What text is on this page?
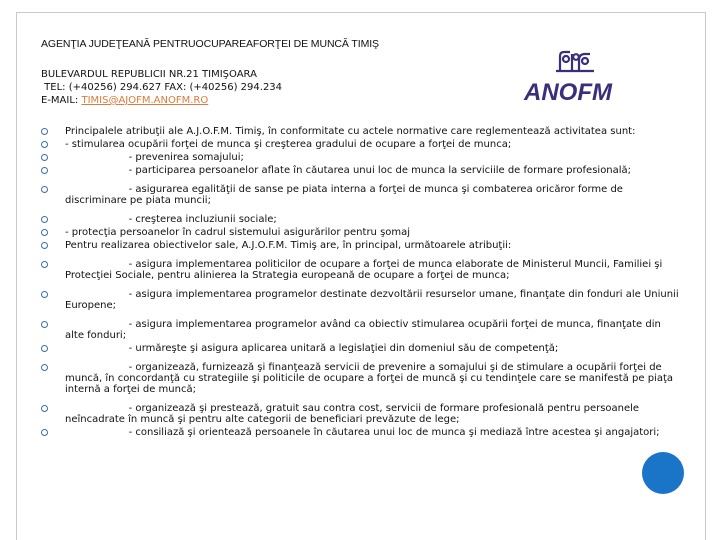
AGENŢIA JUDEŢEANĂ PENTRUOCUPAREAFORŢEI DE MUNCĂ TIMIŞ
BULEVARDUL REPUBLICII NR.21 TIMIŞOARA
TEL: (+40256) 294.627 FAX: (+40256) 294.234
E-MAIL: TIMIS@AJOFM.ANOFM.RO	ANOFM
Principalele atribuţii ale A.J.O.F.M. Timiş, în conformitate cu actele normative care reglementează activitatea sunt:
- stimularea ocupării forţei de munca şi creşterea gradului de ocupare a forţei de munca;
- prevenirea somajului;
- participarea persoanelor aflate în căutarea unui loc de munca la serviciile de formare profesională;
- asigurarea egalităţii de sanse pe piata interna a forţei de munca şi combaterea oricăror forme de discriminare pe piata muncii;
- creşterea incluziunii sociale;
- protecţia persoanelor în cadrul sistemului asigurărilor pentru şomaj
Pentru realizarea obiectivelor sale, A.J.O.F.M. Timiş are, în principal, următoarele atribuţii:
- asigura implementarea politicilor de ocupare a forţei de munca elaborate de Ministerul Muncii, Familiei şi Protecţiei Sociale, pentru alinierea la Strategia europeană de ocupare a forţei de munca;
- asigura implementarea programelor destinate dezvoltării resurselor umane, finanţate din fonduri ale Uniunii Europene;
- asigura implementarea programelor având ca obiectiv stimularea ocupării forţei de munca, finanţate din alte fonduri;
- urmăreşte şi asigura aplicarea unitară a legislaţiei din domeniul său de competenţă;
- organizează, furnizează şi finanţează servicii de prevenire a somajului şi de stimulare a ocupării forţei de muncă, în concordanţă cu strategiile şi politicile de ocupare a forţei de muncă şi cu tendinţele care se manifestă pe piaţa internă a forţei de muncă;
- organizează şi prestează, gratuit sau contra cost, servicii de formare profesională pentru persoanele neîncadrate în muncă şi pentru alte categorii de beneficiari prevăzute de lege;
- consiliază şi orientează persoanele în căutarea unui loc de munca şi mediază între acestea şi angajatori;
